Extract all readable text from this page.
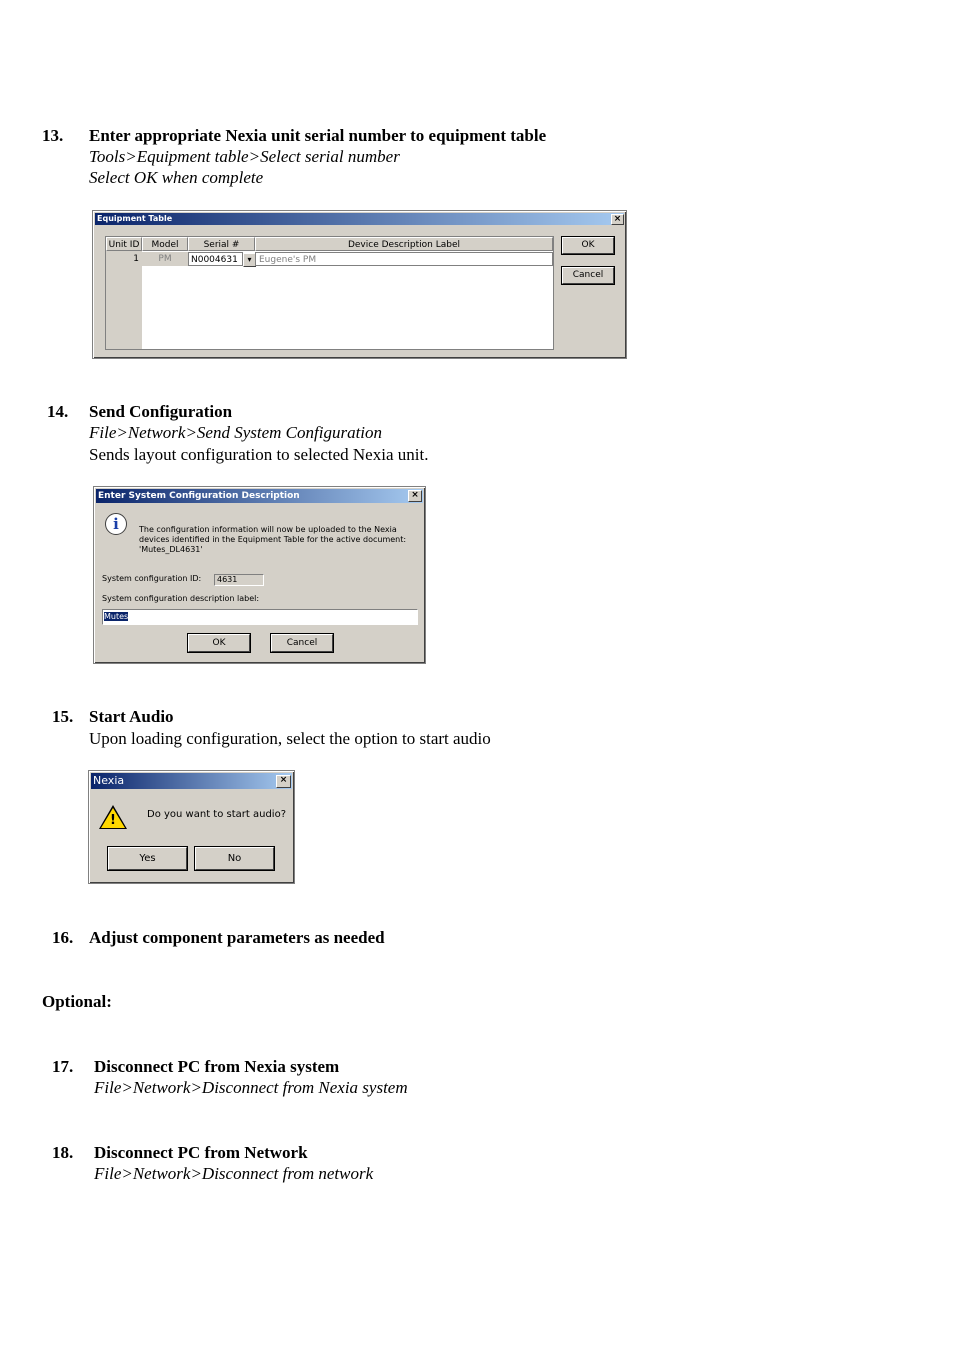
13. Enter appropriate Nexia unit serial number to equipment table
Tools>Equipment table>Select serial number
Select OK when complete
Equipment Table	×
Unit ID	Model	Serial #	Device Description Label
1	PM	N0004631	▾ Eugene's PM
OK
Cancel
14. Send Configuration
File>Network>Send System Configuration
Sends layout configuration to selected Nexia unit.
Enter System Configuration Description	×
i	The configuration information will now be uploaded to the Nexia devices identified in the Equipment Table for the active document: 'Mutes_DL4631'
System configuration ID:	4631
System configuration description label:
Mutes
OK	Cancel
15. Start Audio
Upon loading configuration, select the option to start audio
Nexia	×
!	Do you want to start audio?
Yes	No
16. Adjust component parameters as needed
Optional:
17. Disconnect PC from Nexia system
File>Network>Disconnect from Nexia system
18. Disconnect PC from Network
File>Network>Disconnect from network
